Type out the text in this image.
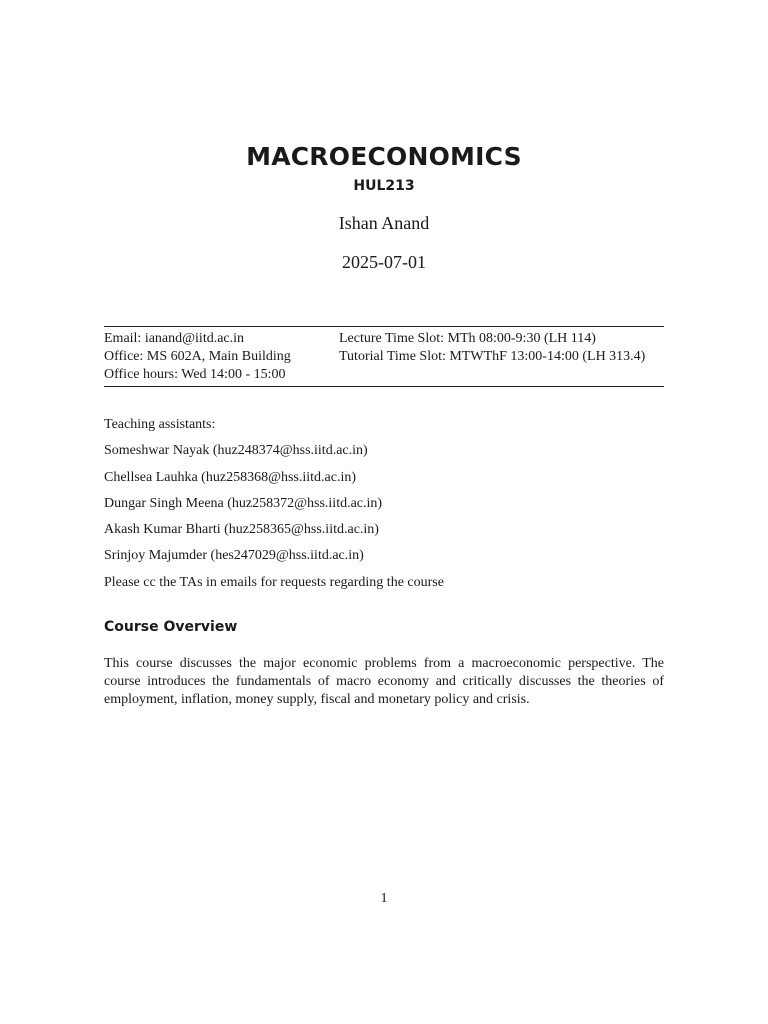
MACROECONOMICS
HUL213
Ishan Anand
2025-07-01
Email: ianand@iitd.ac.in
Office: MS 602A, Main Building
Office hours: Wed 14:00 - 15:00
Lecture Time Slot: MTh 08:00-9:30 (LH 114)
Tutorial Time Slot: MTWThF 13:00-14:00 (LH 313.4)
Teaching assistants:
Someshwar Nayak (huz248374@hss.iitd.ac.in)
Chellsea Lauhka (huz258368@hss.iitd.ac.in)
Dungar Singh Meena (huz258372@hss.iitd.ac.in)
Akash Kumar Bharti (huz258365@hss.iitd.ac.in)
Srinjoy Majumder (hes247029@hss.iitd.ac.in)
Please cc the TAs in emails for requests regarding the course
Course Overview
This course discusses the major economic problems from a macroeconomic perspective. The
course introduces the fundamentals of macro economy and critically discusses the theories of
employment, inflation, money supply, fiscal and monetary policy and crisis.
1
